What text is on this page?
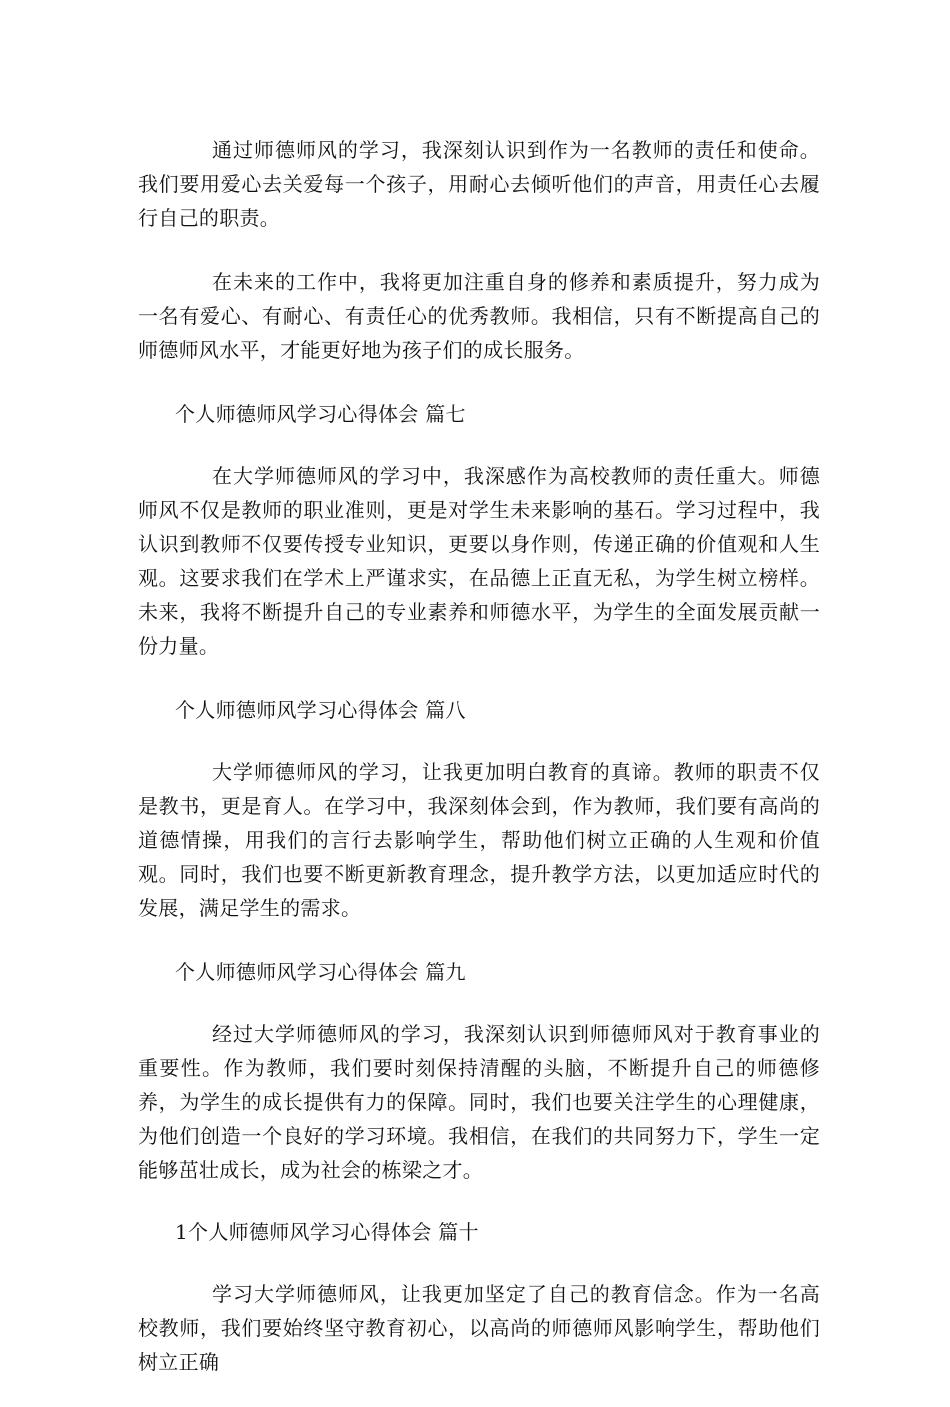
通过师德师风的学习，我深刻认识到作为一名教师的责任和使命。我们要用爱心去关爱每一个孩子，用耐心去倾听他们的声音，用责任心去履行自己的职责。

在未来的工作中，我将更加注重自身的修养和素质提升，努力成为一名有爱心、有耐心、有责任心的优秀教师。我相信，只有不断提高自己的师德师风水平，才能更好地为孩子们的成长服务。

个人师德师风学习心得体会 篇七

在大学师德师风的学习中，我深感作为高校教师的责任重大。师德师风不仅是教师的职业准则，更是对学生未来影响的基石。学习过程中，我认识到教师不仅要传授专业知识，更要以身作则，传递正确的价值观和人生观。这要求我们在学术上严谨求实，在品德上正直无私，为学生树立榜样。未来，我将不断提升自己的专业素养和师德水平，为学生的全面发展贡献一份力量。

个人师德师风学习心得体会 篇八

大学师德师风的学习，让我更加明白教育的真谛。教师的职责不仅是教书，更是育人。在学习中，我深刻体会到，作为教师，我们要有高尚的道德情操，用我们的言行去影响学生，帮助他们树立正确的人生观和价值观。同时，我们也要不断更新教育理念，提升教学方法，以更加适应时代的发展，满足学生的需求。

个人师德师风学习心得体会 篇九

经过大学师德师风的学习，我深刻认识到师德师风对于教育事业的重要性。作为教师，我们要时刻保持清醒的头脑，不断提升自己的师德修养，为学生的成长提供有力的保障。同时，我们也要关注学生的心理健康，为他们创造一个良好的学习环境。我相信，在我们的共同努力下，学生一定能够茁壮成长，成为社会的栋梁之才。

1个人师德师风学习心得体会 篇十

学习大学师德师风，让我更加坚定了自己的教育信念。作为一名高校教师，我们要始终坚守教育初心，以高尚的师德师风影响学生，帮助他们树立正确
